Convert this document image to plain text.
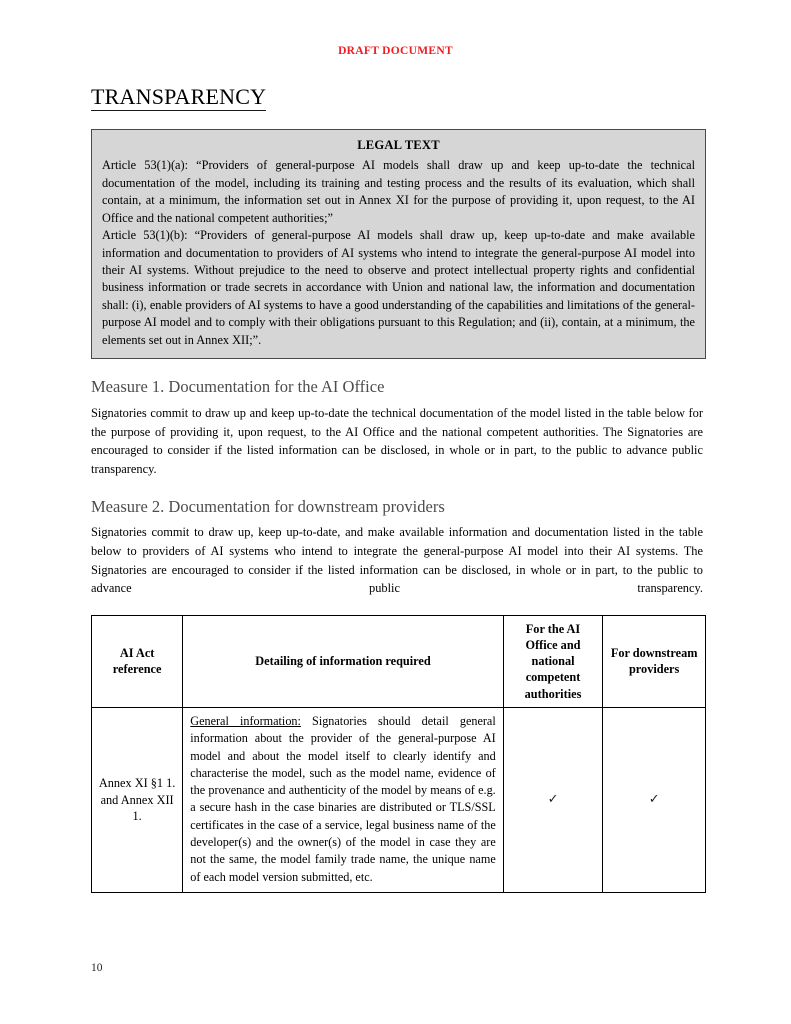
DRAFT DOCUMENT
TRANSPARENCY
LEGAL TEXT

Article 53(1)(a): “Providers of general-purpose AI models shall draw up and keep up-to-date the technical documentation of the model, including its training and testing process and the results of its evaluation, which shall contain, at a minimum, the information set out in Annex XI for the purpose of providing it, upon request, to the AI Office and the national competent authorities;”

Article 53(1)(b): “Providers of general-purpose AI models shall draw up, keep up-to-date and make available information and documentation to providers of AI systems who intend to integrate the general-purpose AI model into their AI systems. Without prejudice to the need to observe and protect intellectual property rights and confidential business information or trade secrets in accordance with Union and national law, the information and documentation shall: (i), enable providers of AI systems to have a good understanding of the capabilities and limitations of the general-purpose AI model and to comply with their obligations pursuant to this Regulation; and (ii), contain, at a minimum, the elements set out in Annex XII;”.

Measure 1. Documentation for the AI Office

Signatories commit to draw up and keep up-to-date the technical documentation of the model listed in the table below for the purpose of providing it, upon request, to the AI Office and the national competent authorities. The Signatories are encouraged to consider if the listed information can be disclosed, in whole or in part, to the public to advance public transparency.

Measure 2. Documentation for downstream providers

Signatories commit to draw up, keep up-to-date, and make available information and documentation listed in the table below to providers of AI systems who intend to integrate the general-purpose AI model into their AI systems. The Signatories are encouraged to consider if the listed information can be disclosed, in whole or in part, to the public to advance public transparency.

AI Act reference	Detailing of information required	For the AI Office and national competent authorities	For downstream providers
Annex XI §1 1. and Annex XII 1.	General information: Signatories should detail general information about the provider of the general-purpose AI model and about the model itself to clearly identify and characterise the model, such as the model name, evidence of the provenance and authenticity of the model by means of e.g. a secure hash in the case binaries are distributed or TLS/SSL certificates in the case of a service, legal business name of the developer(s) and the owner(s) of the model in case they are not the same, the model family trade name, the unique name of each model version submitted, etc.	✓	✓
10
